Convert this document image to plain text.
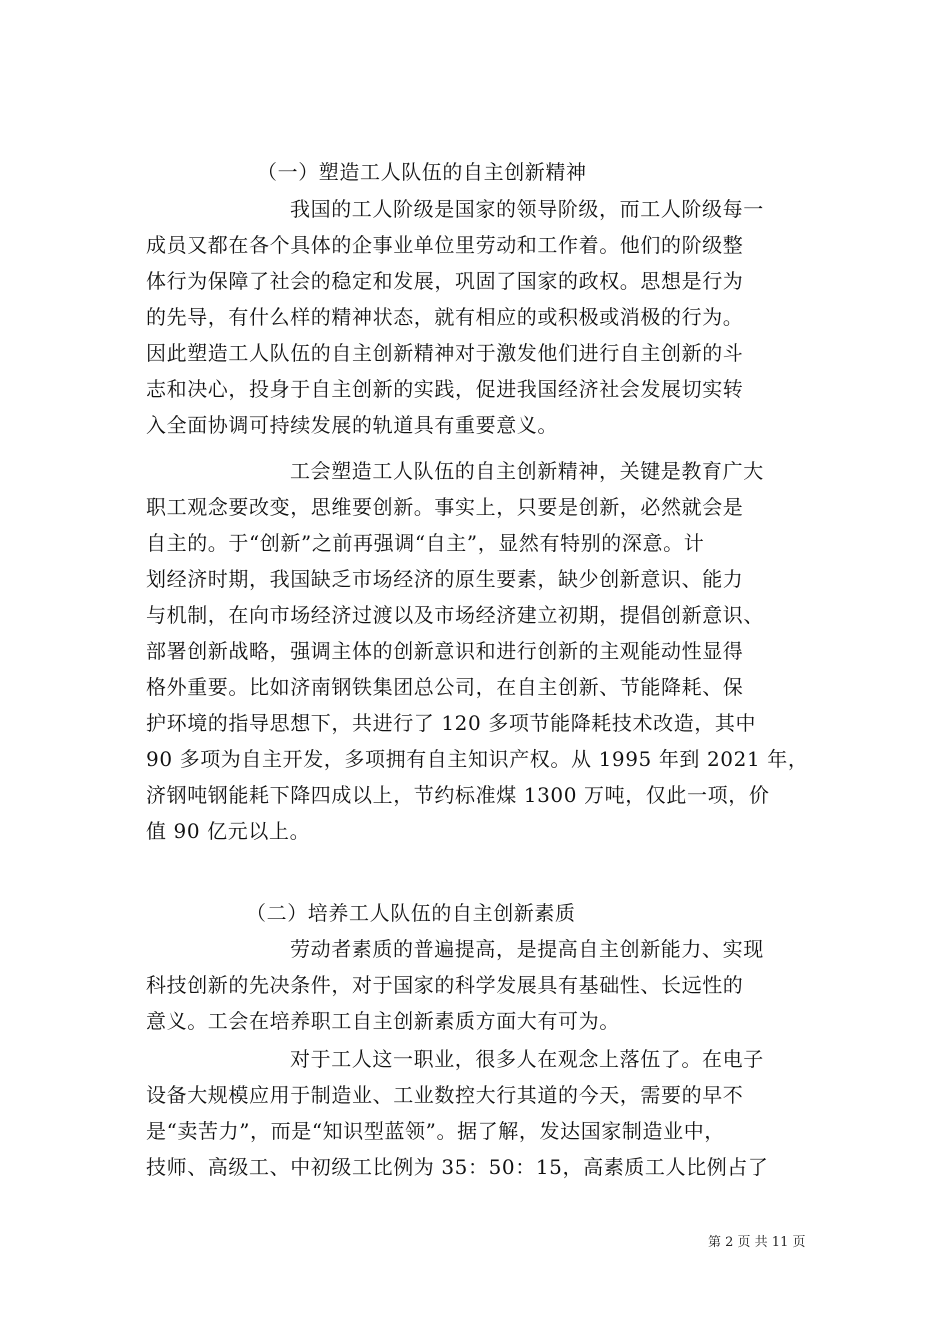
（一）塑造工人队伍的自主创新精神
我国的工人阶级是国家的领导阶级，而工人阶级每一
成员又都在各个具体的企事业单位里劳动和工作着。他们的阶级整
体行为保障了社会的稳定和发展，巩固了国家的政权。思想是行为
的先导，有什么样的精神状态，就有相应的或积极或消极的行为。
因此塑造工人队伍的自主创新精神对于激发他们进行自主创新的斗
志和决心，投身于自主创新的实践，促进我国经济社会发展切实转
入全面协调可持续发展的轨道具有重要意义。
工会塑造工人队伍的自主创新精神，关键是教育广大
职工观念要改变，思维要创新。事实上，只要是创新，必然就会是
自主的。于“创新”之前再强调“自主”，显然有特别的深意。计
划经济时期，我国缺乏市场经济的原生要素，缺少创新意识、能力
与机制，在向市场经济过渡以及市场经济建立初期，提倡创新意识、
部署创新战略，强调主体的创新意识和进行创新的主观能动性显得
格外重要。比如济南钢铁集团总公司，在自主创新、节能降耗、保
护环境的指导思想下，共进行了 120 多项节能降耗技术改造，其中
90 多项为自主开发，多项拥有自主知识产权。从 1995 年到 2021 年，
济钢吨钢能耗下降四成以上，节约标准煤 1300 万吨，仅此一项，价
值 90 亿元以上。
（二）培养工人队伍的自主创新素质
劳动者素质的普遍提高，是提高自主创新能力、实现
科技创新的先决条件，对于国家的科学发展具有基础性、长远性的
意义。工会在培养职工自主创新素质方面大有可为。
对于工人这一职业，很多人在观念上落伍了。在电子
设备大规模应用于制造业、工业数控大行其道的今天，需要的早不
是“卖苦力”，而是“知识型蓝领”。据了解，发达国家制造业中，
技师、高级工、中初级工比例为 35：50：15，高素质工人比例占了
第 2 页 共 11 页
